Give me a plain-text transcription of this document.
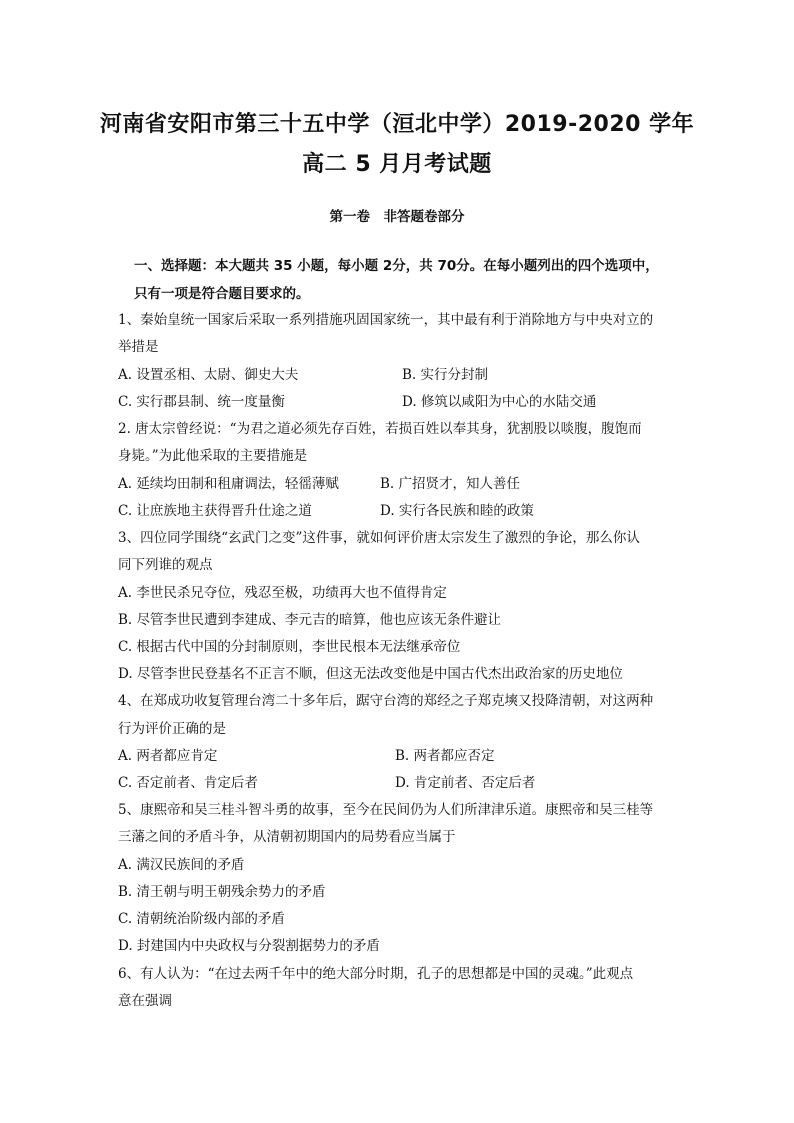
河南省安阳市第三十五中学（洹北中学）2019-2020 学年
高二 5 月月考试题
第一卷　非答题卷部分
一、选择题：本大题共 35 小题，每小题 2分，共 70分。在每小题列出的四个选项中，
只有一项是符合题目要求的。
1、秦始皇统一国家后采取一系列措施巩固国家统一，其中最有利于消除地方与中央对立的
举措是
A. 设置丞相、太尉、御史大夫	B. 实行分封制
C. 实行郡县制、统一度量衡	D. 修筑以咸阳为中心的水陆交通
2. 唐太宗曾经说：“为君之道必须先存百姓，若损百姓以奉其身，犹割股以啖腹，腹饱而
身毙。”为此他采取的主要措施是
A. 延续均田制和租庸调法，轻徭薄赋	B. 广招贤才，知人善任
C. 让庶族地主获得晋升仕途之道	D. 实行各民族和睦的政策
3、四位同学围绕“玄武门之变”这件事，就如何评价唐太宗发生了激烈的争论，那么你认
同下列谁的观点
A. 李世民杀兄夺位，残忍至极，功绩再大也不值得肯定
B. 尽管李世民遭到李建成、李元吉的暗算，他也应该无条件避让
C. 根据古代中国的分封制原则，李世民根本无法继承帝位
D. 尽管李世民登基名不正言不顺，但这无法改变他是中国古代杰出政治家的历史地位
4、在郑成功收复管理台湾二十多年后，踞守台湾的郑经之子郑克塽又投降清朝，对这两种
行为评价正确的是
A. 两者都应肯定	B. 两者都应否定
C. 否定前者、肯定后者	D. 肯定前者、否定后者
5、康熙帝和吴三桂斗智斗勇的故事，至今在民间仍为人们所津津乐道。康熙帝和吴三桂等
三藩之间的矛盾斗争，从清朝初期国内的局势看应当属于
A. 满汉民族间的矛盾
B. 清王朝与明王朝残余势力的矛盾
C. 清朝统治阶级内部的矛盾
D. 封建国内中央政权与分裂割据势力的矛盾
6、有人认为：“在过去两千年中的绝大部分时期，孔子的思想都是中国的灵魂。”此观点
意在强调
